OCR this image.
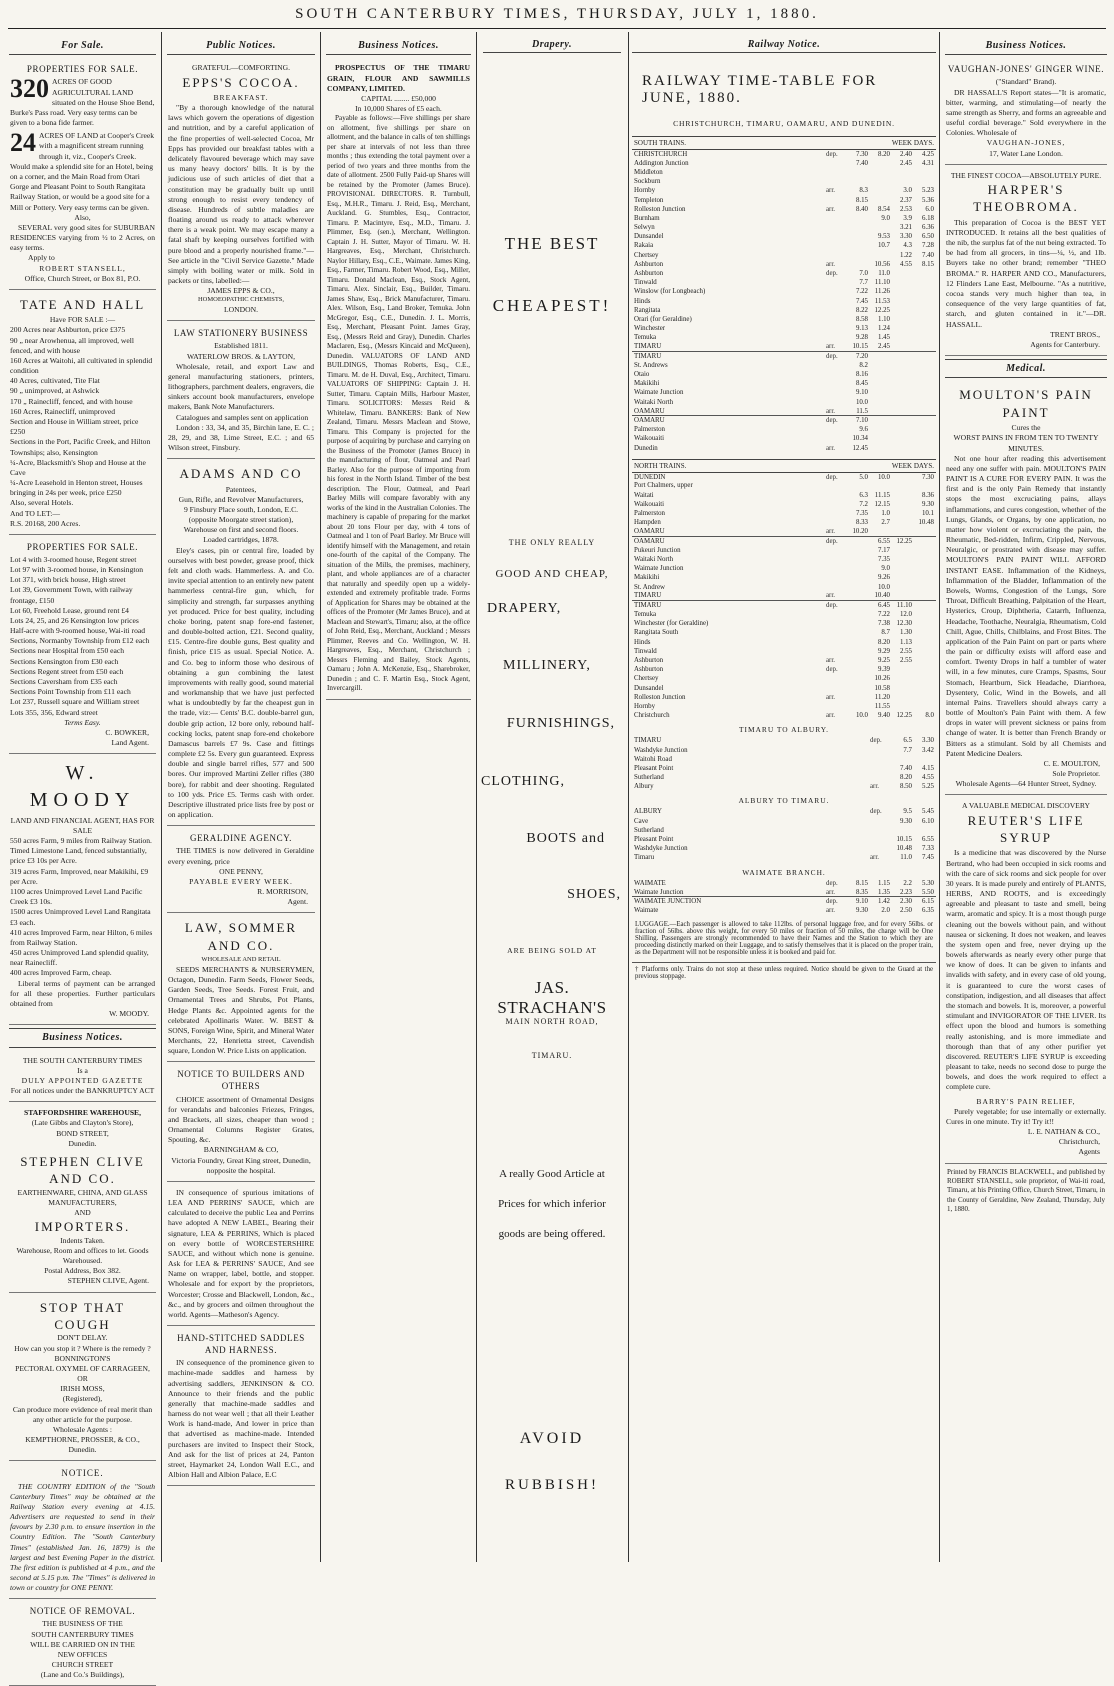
SOUTH CANTERBURY TIMES, THURSDAY, JULY 1, 1880.
For Sale.
PROPERTIES FOR SALE.
320 ACRES OF GOOD AGRICULTURAL LAND situated on the House Shoe Bend, Burke's Pass road. Very easy terms can be given to a bona fide farmer.
24 ACRES OF LAND at Cooper's Creek with a magnificent stream running through it, viz., Cooper's Creek. Would make a splendid site for an Hotel, being on a corner, and the Main Road from Otari Gorge and Pleasant Point to South Rangitata Railway Station, or would be a good site for a Mill or Pottery. Very easy terms can be given.
Also,

SEVERAL very good sites for SUBURBAN RESIDENCES varying from ½ to 2 Acres, on easy terms.

Apply to
ROBERT STANSELL,
Office, Church Street, or Box 81, P.O.
TATE AND HALL
Have FOR SALE :—
200 Acres near Ashburton, price £375
90 „ near Arowhenua, all improved, well fenced, and with house
160 Acres at Waitohi, all cultivated in splendid condition
40 Acres, cultivated, Tite Flat
90 „ unimproved, at Ashwick
170 „ Rainecliff, fenced, and with house
160 Acres, Rainecliff, unimproved
Section and House in William street, price £250
Sections in the Port, Pacific Creek, and Hilton Townships; also, Kensington
¼-Acre, Blacksmith's Shop and House at the Cave
¼-Acre Leasehold in Henton street, Houses bringing in 24s per week, price £250
Also, several Hotels.
And TO LET:—
R.S. 20168, 200 Acres.
PROPERTIES FOR SALE.
Lot 4 with 3-roomed house, Regent street
Lot 97 with 3-roomed house, in Kensington
Lot 371, with brick house, High street
Lot 39, Government Town, with railway frontage, £150
Lot 60, Freehold Lease, ground rent £4
Lots 24, 25, and 26 Kensington low prices
Half-acre with 9-roomed house, Wai-iti road
Sections, Normanby Township from £12 each
Sections near Hospital from £50 each
Sections Kensington from £30 each
Sections Regent street from £50 each
Sections Caversham from £35 each
Sections Point Township from £11 each
Lot 237, Russell square and William street
Lots 355, 356, Edward street
Terms Easy.
C. BOWKER,
Land Agent.
W. MOODY
LAND AND FINANCIAL AGENT, HAS FOR SALE
550 acres Farm, 9 miles from Railway Station. Timed Limestone Land, fenced substantially, price £3 10s per Acre.
319 acres Farm, Improved, near Makikihi, £9 per Acre.
1100 acres Unimproved Level Land Pacific Creek £3 10s.
1500 acres Unimproved Level Land Rangitata £3 each.
410 acres Improved Farm, near Hilton, 6 miles from Railway Station.
450 acres Unimproved Land splendid quality, near Rainecliff.
400 acres Improved Farm, cheap.

Liberal terms of payment can be arranged for all these properties. Further particulars obtained from

W. MOODY.
Business Notices.
THE SOUTH CANTERBURY TIMES
Is a
DULY APPOINTED GAZETTE
For all notices under the BANKRUPTCY ACT
STAFFORDSHIRE WAREHOUSE,
(Late Gibbs and Clayton's Store),
BOND STREET,
Dunedin.
STEPHEN CLIVE AND CO.
EARTHENWARE, CHINA, AND GLASS MANUFACTURERS,
AND
IMPORTERS.
Indents Taken.
Warehouse, Room and offices to let. Goods Warehoused.
Postal Address, Box 382.
STEPHEN CLIVE, Agent.
STOP THAT COUGH
DON'T DELAY.
How can you stop it ? Where is the remedy ?
BONNINGTON'S
PECTORAL OXYMEL OF CARRAGEEN,
OR
IRISH MOSS,
(Registered),
Can produce more evidence of real merit than any other article for the purpose.
Wholesale Agents :
KEMPTHORNE, PROSSER, & CO.,
Dunedin.
NOTICE.

THE COUNTRY EDITION of the "South Canterbury Times" may be obtained at the Railway Station every evening at 4.15. Advertisers are requested to send in their favours by 2.30 p.m. to ensure insertion in the Country Edition. The "South Canterbury Times" (established Jan. 16, 1879) is the largest and best Evening Paper in the district. The first edition is published at 4 p.m., and the second at 5.15 p.m. The "Times" is delivered in town or country for ONE PENNY.

NOTICE OF REMOVAL.
THE BUSINESS OF THE
SOUTH CANTERBURY TIMES
WILL BE CARRIED ON IN THE
NEW OFFICES
CHURCH STREET
(Lane and Co.'s Buildings),
Public Notices.
GRATEFUL—COMFORTING.
EPPS'S COCOA.
BREAKFAST.

"By a thorough knowledge of the natural laws which govern the operations of digestion and nutrition, and by a careful application of the fine properties of well-selected Cocoa, Mr Epps has provided our breakfast tables with a delicately flavoured beverage which may save us many heavy doctors' bills. It is by the judicious use of such articles of diet that a constitution may be gradually built up until strong enough to resist every tendency of disease. Hundreds of subtle maladies are floating around us ready to attack wherever there is a weak point. We may escape many a fatal shaft by keeping ourselves fortified with pure blood and a properly nourished frame."— See article in the "Civil Service Gazette." Made simply with boiling water or milk. Sold in packets or tins, labelled:—

JAMES EPPS & CO.,
HOMOEOPATHIC CHEMISTS,
LONDON.
LAW STATIONERY BUSINESS
Established 1811.
WATERLOW BROS. & LAYTON,

Wholesale, retail, and export Law and general manufacturing stationers, printers, lithographers, parchment dealers, engravers, die sinkers account book manufacturers, envelope makers, Bank Note Manufacturers.

Catalogues and samples sent on application

London : 33, 34, and 35, Birchin lane, E. C. ; 28, 29, and 38, Lime Street, E.C. ; and 65 Wilson street, Finsbury.

ADAMS AND CO
Patentees,
Gun, Rifle, and Revolver Manufacturers,
9 Finsbury Place south, London, E.C.
(opposite Moorgate street station),
Warehouse on first and second floors.
Loaded cartridges, 1878.

Eley's cases, pin or central fire, loaded by ourselves with best powder, grease proof, thick felt and cloth wads. Hammerless. A. and Co. invite special attention to an entirely new patent hammerless central-fire gun, which, for simplicity and strength, far surpasses anything yet produced. Price for best quality, including choke boring, patent snap fore-end fastener, and double-bolted action, £21. Second quality, £15. Centre-fire double guns, Best quality and finish, price £15 as usual. Special Notice. A. and Co. beg to inform those who desirous of obtaining a gun combining the latest improvements with really good, sound material and workmanship that we have just perfected what is undoubtedly by far the cheapest gun in the trade, viz:— Cents' B.C. double-barrel gun, double grip action, 12 bore only, rebound half-cocking locks, patent snap fore-end chokebore Damascus barrels £7 9s. Case and fittings complete £2 5s. Every gun guaranteed. Express double and single barrel rifles, 577 and 500 bores. Our improved Martini Zeller rifles (380 bore), for rabbit and deer shooting. Regulated to 100 yds. Price £5. Terms cash with order. Descriptive illustrated price lists free by post or on application.

GERALDINE AGENCY.

THE TIMES is now delivered in Geraldine every evening, price

ONE PENNY,
PAYABLE EVERY WEEK.
R. MORRISON,
Agent.
LAW, SOMMER AND CO.
WHOLESALE AND RETAIL

SEEDS MERCHANTS & NURSERYMEN, Octagon, Dunedin. Farm Seeds, Flower Seeds, Garden Seeds, Tree Seeds. Forest Fruit, and Ornamental Trees and Shrubs, Pot Plants, Hedge Plants &c. Appointed agents for the celebrated Apollinaris Water. W. BEST & SONS, Foreign Wine, Spirit, and Mineral Water Merchants, 22, Henrietta street, Cavendish square, London W. Price Lists on application.

NOTICE TO BUILDERS AND OTHERS

CHOICE assortment of Ornamental Designs for verandahs and balconies Friezes, Fringes, and Brackets, all sizes, cheaper than wood ; Ornamental Columns Register Grates, Spouting, &c.

BARNINGHAM & CO,
Victoria Foundry, Great King street, Dunedin, nopposite the hospital.

IN consequence of spurious imitations of LEA AND PERRINS' SAUCE, which are calculated to deceive the public Lea and Perrins have adopted A NEW LABEL, Bearing their signature, LEA & PERRINS, Which is placed on every bottle of WORCESTERSHIRE SAUCE, and without which none is genuine. Ask for LEA & PERRINS' SAUCE, And see Name on wrapper, label, bottle, and stopper. Wholesale and for export by the proprietors, Worcester; Crosse and Blackwell, London, &c., &c., and by grocers and oilmen throughout the world. Agents—Matheson's Agency.

HAND-STITCHED SADDLES AND HARNESS.

IN consequence of the prominence given to machine-made saddles and harness by advertising saddlers, JENKINSON & CO. Announce to their friends and the public generally that machine-made saddles and harness do not wear well ; that all their Leather Work is hand-made, And lower in price than that advertised as machine-made. Intended purchasers are invited to Inspect their Stock, And ask for the list of prices at 24, Panton street, Haymarket 24, London Wall E.C., and Albion Hall and Albion Palace, E.C

Business Notices.

PROSPECTUS OF THE TIMARU GRAIN, FLOUR AND SAWMILLS COMPANY, LIMITED.

CAPITAL ........ £50,000
In 10,000 Shares of £5 each.

Payable as follows:—Five shillings per share on allotment, five shillings per share on allotment, and the balance in calls of ten shillings per share at intervals of not less than three months ; thus extending the total payment over a period of two years and three months from the date of allotment. 2500 Fully Paid-up Shares will be retained by the Promoter (James Bruce). PROVISIONAL DIRECTORS. R. Turnbull, Esq., M.H.R., Timaru. J. Reid, Esq., Merchant, Auckland. G. Stumbles, Esq., Contractor, Timaru. P. Macintyre, Esq., M.D., Timaru. J. Plimmer, Esq. (sen.), Merchant, Wellington. Captain J. H. Sutter, Mayor of Timaru. W. H. Hargreaves, Esq., Merchant, Christchurch. Naylor Hillary, Esq., C.E., Waimate. James King, Esq., Farmer, Timaru. Robert Wood, Esq., Miller, Timaru. Donald Maclean, Esq., Stock Agent, Timaru. Alex. Sinclair, Esq., Builder, Timaru. James Shaw, Esq., Brick Manufacturer, Timaru. Alex. Wilson, Esq., Land Broker, Temuka. John McGregor, Esq., C.E., Dunedin. J. L. Morris, Esq., Merchant, Pleasant Point. James Gray, Esq., (Messrs Reid and Gray), Dunedin. Charles Maclaren, Esq., (Messrs Kincaid and McQueen), Dunedin. VALUATORS OF LAND AND BUILDINGS, Thomas Roberts, Esq., C.E., Timaru. M. de H. Duval, Esq., Architect, Timaru. VALUATORS OF SHIPPING: Captain J. H. Sutter, Timaru. Captain Mills, Harbour Master, Timaru. SOLICITORS: Messrs Reid & Whitelaw, Timaru. BANKERS: Bank of New Zealand, Timaru. Messrs Maclean and Stowe, Timaru. This Company is projected for the purpose of acquiring by purchase and carrying on the Business of the Promoter (James Bruce) in the manufacturing of flour, Oatmeal and Pearl Barley. Also for the purpose of importing from his forest in the North Island. Timber of the best description. The Flour, Oatmeal, and Pearl Barley Mills will compare favorably with any works of the kind in the Australian Colonies. The machinery is capable of preparing for the market about 20 tons Flour per day, with 4 tons of Oatmeal and 1 ton of Pearl Barley. Mr Bruce will identify himself with the Management, and retain one-fourth of the capital of the Company. The situation of the Mills, the premises, machinery, plant, and whole appliances are of a character that naturally and speedily open up a widely-extended and extremely profitable trade. Forms of Application for Shares may be obtained at the offices of the Promoter (Mr James Bruce), and at Maclean and Stewart's, Timaru; also, at the office of John Reid, Esq., Merchant, Auckland ; Messrs Plimmer, Reeves and Co. Wellington, W. H. Hargreaves, Esq., Merchant, Christchurch ; Messrs Fleming and Bailey, Stock Agents, Oamaru ; John A. McKenzie, Esq., Sharebroker, Dunedin ; and C. F. Martin Esq., Stock Agent, Invercargill.

Drapery.
THE BEST
CHEAPEST!
THE ONLY REALLY
GOOD AND CHEAP,
DRAPERY,
MILLINERY,
FURNISHINGS,
CLOTHING,
BOOTS and
SHOES,
ARE BEING SOLD AT
JAS. STRACHAN'S
MAIN NORTH ROAD,
TIMARU.
A really Good Article at
Prices for which inferior
goods are being offered.
AVOID
RUBBISH!
Railway Notice.
RAILWAY TIME-TABLE FOR JUNE, 1880.
CHRISTCHURCH, TIMARU, OAMARU, AND DUNEDIN.
SOUTH TRAINS.		WEEK DAYS.			
CHRISTCHURCH	dep.	7.30	8.20	2.40	4.25
Addington Junction		7.40		2.45	4.31
Middleton					
Sockburn					
Hornby	arr.	8.3		3.0	5.23
Templeton		8.15		2.37	5.36
Rolleston Junction	arr.	8.40	8.54	2.53	6.0
Burnham			9.0	3.9	6.18
Selwyn				3.21	6.36
Dunsandel			9.53	3.30	6.50
Rakaia			10.7	4.3	7.28
Chertsey				1.22	7.40
Ashburton	arr.		10.56	4.55	8.15
Ashburton	dep.	7.0	11.0		
Tinwald		7.7	11.10		
Winslow (for Longbeach)		7.22	11.26		
Hinds		7.45	11.53		
Rangitata		8.22	12.25		
Orari (for Geraldine)		8.58	1.10		
Winchester		9.13	1.24		
Temuka		9.28	1.45		
TIMARU	arr.	10.15	2.45		
TIMARU	dep.	7.20			
St. Andrews		8.2			
Otaio		8.16			
Makikihi		8.45			
Waimate Junction		9.10			
Waitaki North		10.0			
OAMARU	arr.	11.5			
OAMARU	dep.	7.10			
Palmerston		9.6			
Waikouaiti		10.34			
Dunedin	arr.	12.45			
NORTH TRAINS.		WEEK DAYS.			
DUNEDIN	dep.	5.0	10.0		7.30
Port Chalmers, upper					
Waitati		6.3	11.15		8.36
Waikouaiti		7.2	12.15		9.30
Palmerston		7.35	1.0		10.1
Hampden		8.33	2.7		10.48
OAMARU	arr.	10.20			
OAMARU	dep.		6.55	12.25	
Pukeuri Junction			7.17		
Waitaki North			7.35		
Waimate Junction			9.0		
Makikihi			9.26		
St. Andrew			10.0		
TIMARU	arr.		10.40		
TIMARU	dep.		6.45	11.10	
Temuka			7.22	12.0	
Winchester (for Geraldine)			7.38	12.30	
Rangitata South			8.7	1.30	
Hinds			8.20	1.13	
Tinwald			9.29	2.55	
Ashburton	arr.		9.25	2.55	
Ashburton	dep.		9.39		
Chertsey			10.26		
Dunsandel			10.58		
Rolleston Junction	arr.		11.20		
Hornby			11.55		
Christchurch	arr.	10.0	9.40	12.25	8.0
TIMARU TO ALBURY.
TIMARU	dep.	6.5	3.30
Washdyke Junction		7.7	3.42
Waitohi Road			
Pleasant Point		7.40	4.15
Sutherland		8.20	4.55
Albury	arr.	8.50	5.25
ALBURY TO TIMARU.
ALBURY	dep.	9.5	5.45
Cave		9.30	6.10
Sutherland			
Pleasant Point		10.15	6.55
Washdyke Junction		10.48	7.33
Timaru	arr.	11.0	7.45
WAIMATE BRANCH.
WAIMATE	dep.	8.15	1.15	2.2	5.30
Waimate Junction	arr.	8.35	1.35	2.23	5.50
WAIMATE JUNCTION	dep.	9.10	1.42	2.30	6.15
Waimate	arr.	9.30	2.0	2.50	6.35
LUGGAGE.—Each passenger is allowed to take 112lbs. of personal luggage free, and for every 56lbs. or fraction of 56lbs. above this weight, for every 50 miles or fraction of 50 miles, the charge will be One Shilling. Passengers are strongly recommended to have their Names and the Station to which they are proceeding distinctly marked on their Luggage, and to satisfy themselves that it is placed on the proper train, as the Department will not be responsible unless it is booked and paid for.
† Platforms only. Trains do not stop at these unless required. Notice should be given to the Guard at the previous stoppage.
Business Notices.
VAUGHAN-JONES' GINGER WINE.
("Standard" Brand).

DR HASSALL'S Report states—"It is aromatic, bitter, warming, and stimulating—of nearly the same strength as Sherry, and forms an agreeable and useful cordial beverage." Sold everywhere in the Colonies. Wholesale of

VAUGHAN-JONES,
17, Water Lane London.
THE FINEST COCOA—ABSOLUTELY PURE.
HARPER'S THEOBROMA.

This preparation of Cocoa is the BEST YET INTRODUCED. It retains all the best qualities of the nib, the surplus fat of the nut being extracted. To be had from all grocers, in tins—¼, ½, and 1lb. Buyers take no other brand; remember "THEO BROMA." R. HARPER AND CO., Manufacturers, 12 Flinders Lane East, Melbourne. "As a nutritive, cocoa stands very much higher than tea, in consequence of the very large quantities of fat, starch, and gluten contained in it."—DR. HASSALL.

TRENT BROS.,
Agents for Canterbury.
Medical.
MOULTON'S PAIN PAINT
Cures the
WORST PAINS IN FROM TEN TO TWENTY MINUTES.

Not one hour after reading this advertisement need any one suffer with pain. MOULTON'S PAIN PAINT IS A CURE FOR EVERY PAIN. It was the first and is the only Pain Remedy that instantly stops the most excruciating pains, allays inflammations, and cures congestion, whether of the Lungs, Glands, or Organs, by one application, no matter how violent or excruciating the pain, the Rheumatic, Bed-ridden, Infirm, Crippled, Nervous, Neuralgic, or prostrated with disease may suffer. MOULTON'S PAIN PAINT WILL AFFORD INSTANT EASE. Inflammation of the Kidneys, Inflammation of the Bladder, Inflammation of the Bowels, Worms, Congestion of the Lungs, Sore Throat, Difficult Breathing, Palpitation of the Heart, Hysterics, Croup, Diphtheria, Catarrh, Influenza, Headache, Toothache, Neuralgia, Rheumatism, Cold Chill, Ague, Chills, Chilblains, and Frost Bites. The application of the Pain Paint on part or parts where the pain or difficulty exists will afford ease and comfort. Twenty Drops in half a tumbler of water will, in a few minutes, cure Cramps, Spasms, Sour Stomach, Heartburn, Sick Headache, Diarrhoea, Dysentery, Colic, Wind in the Bowels, and all internal Pains. Travellers should always carry a bottle of Moulton's Pain Paint with them. A few drops in water will prevent sickness or pains from change of water. It is better than French Brandy or Bitters as a stimulant. Sold by all Chemists and Patent Medicine Dealers.

C. E. MOULTON,
Sole Proprietor.
Wholesale Agents—64 Hunter Street, Sydney.
A VALUABLE MEDICAL DISCOVERY
REUTER'S LIFE SYRUP

Is a medicine that was discovered by the Nurse Bertrand, who had been occupied in sick rooms and with the care of sick rooms and sick people for over 30 years. It is made purely and entirely of PLANTS, HERBS, AND ROOTS, and is exceedingly agreeable and pleasant to taste and smell, being warm, aromatic and spicy. It is a most though purge cleaning out the bowels without pain, and without nausea or sickening. It does not weaken, and leaves the system open and free, never drying up the bowels afterwards as nearly every other purge that we know of does. It can be given to infants and invalids with safety, and in every case of old young, it is guaranteed to cure the worst cases of constipation, indigestion, and all diseases that affect the stomach and bowels. It is, moreover, a powerful stimulant and INVIGORATOR OF THE LIVER. Its effect upon the blood and humors is something really astonishing, and is more immediate and thorough than that of any other purifier yet discovered. REUTER'S LIFE SYRUP is exceeding pleasant to take, needs no second dose to purge the bowels, and does the work required to effect a complete cure.

BARRY'S PAIN RELIEF,

Purely vegetable; for use internally or externally. Cures in one minute. Try it! Try it!!

L. E. NATHAN & CO.,
Christchurch,
Agents

Printed by FRANCIS BLACKWELL, and published by ROBERT STANSELL, sole proprietor, of Wai-iti road, Timaru, at his Printing Office, Church Street, Timaru, in the County of Geraldine, New Zealand, Thursday, July 1, 1880.
